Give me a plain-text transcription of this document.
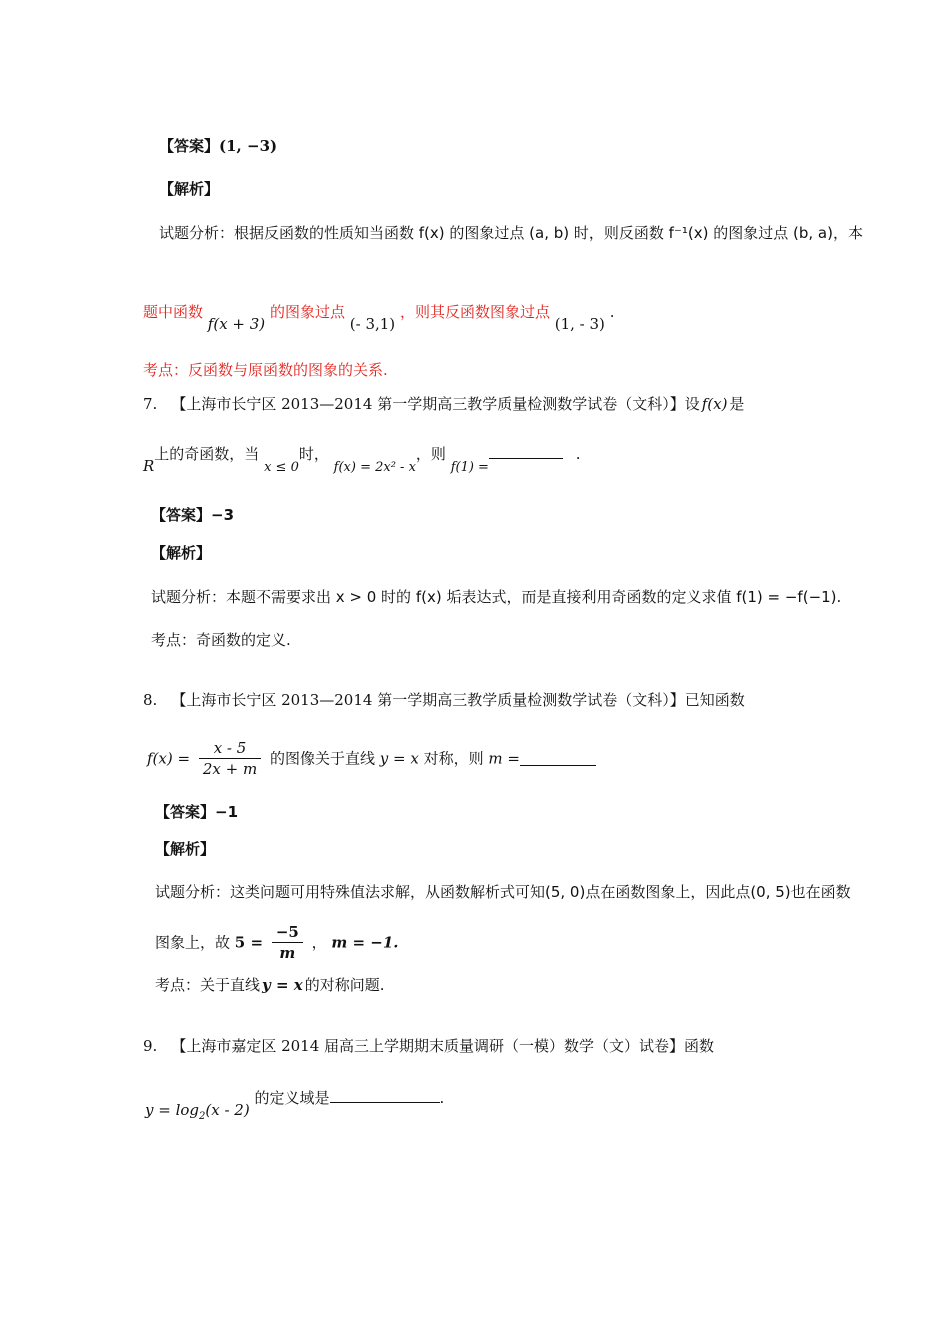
【答案】(1, −3)
【解析】
试题分析：根据反函数的性质知当函数 f(x) 的图象过点 (a, b) 时，则反函数 f⁻¹(x) 的图象过点 (b, a)，本
题中函数 f(x + 3) 的图象过点 (- 3,1) ，则其反函数图象过点 (1, - 3) .
考点：反函数与原函数的图象的关系.
7. 【上海市长宁区 2013—2014 第一学期高三教学质量检测数学试卷（文科）】设 f(x) 是
R上的奇函数，当 x ≤ 0时， f(x) = 2x² - x，则 f(1) = .
【答案】−3
【解析】
试题分析：本题不需要求出 x > 0 时的 f(x) 垢表达式，而是直接利用奇函数的定义求值 f(1) = −f(−1).
考点：奇函数的定义.
8. 【上海市长宁区 2013—2014 第一学期高三教学质量检测数学试卷（文科）】已知函数
$f(x) = \frac{x - 5}{2x + m}$ 的图像关于直线 y = x 对称，则 m =
【答案】−1
【解析】
试题分析：这类问题可用特殊值法求解，从函数解析式可知(5, 0)点在函数图象上，因此点(0, 5)也在函数
图象上，故 $5 = \frac{-5}{m}$ ， m = −1.
考点：关于直线 y = x 的对称问题.
9. 【上海市嘉定区 2014 届高三上学期期末质量调研（一模）数学（文）试卷】函数
$y = \log_2(x - 2)$ 的定义域是	.
